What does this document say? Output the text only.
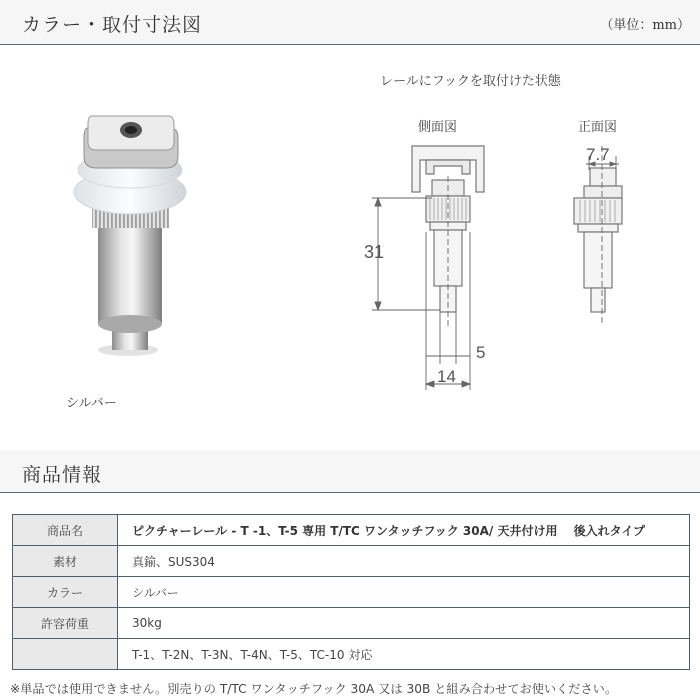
カラー・取付寸法図	（単位：mm）
31
5
14
7.7
シルバー
レールにフックを取付けた状態
側面図	正面図
商品情報
商品名	ピクチャーレール - T -1、T-5 専用 T/TC ワンタッチフック 30A/ 天井付け用　 後入れタイプ
素材	真鍮、SUS304
カラー	シルバー
許容荷重	30kg
	T-1、T-2N、T-3N、T-4N、T-5、TC-10 対応
※単品では使用できません。別売りの T/TC ワンタッチフック 30A 又は 30B と組み合わせてお使いください。
